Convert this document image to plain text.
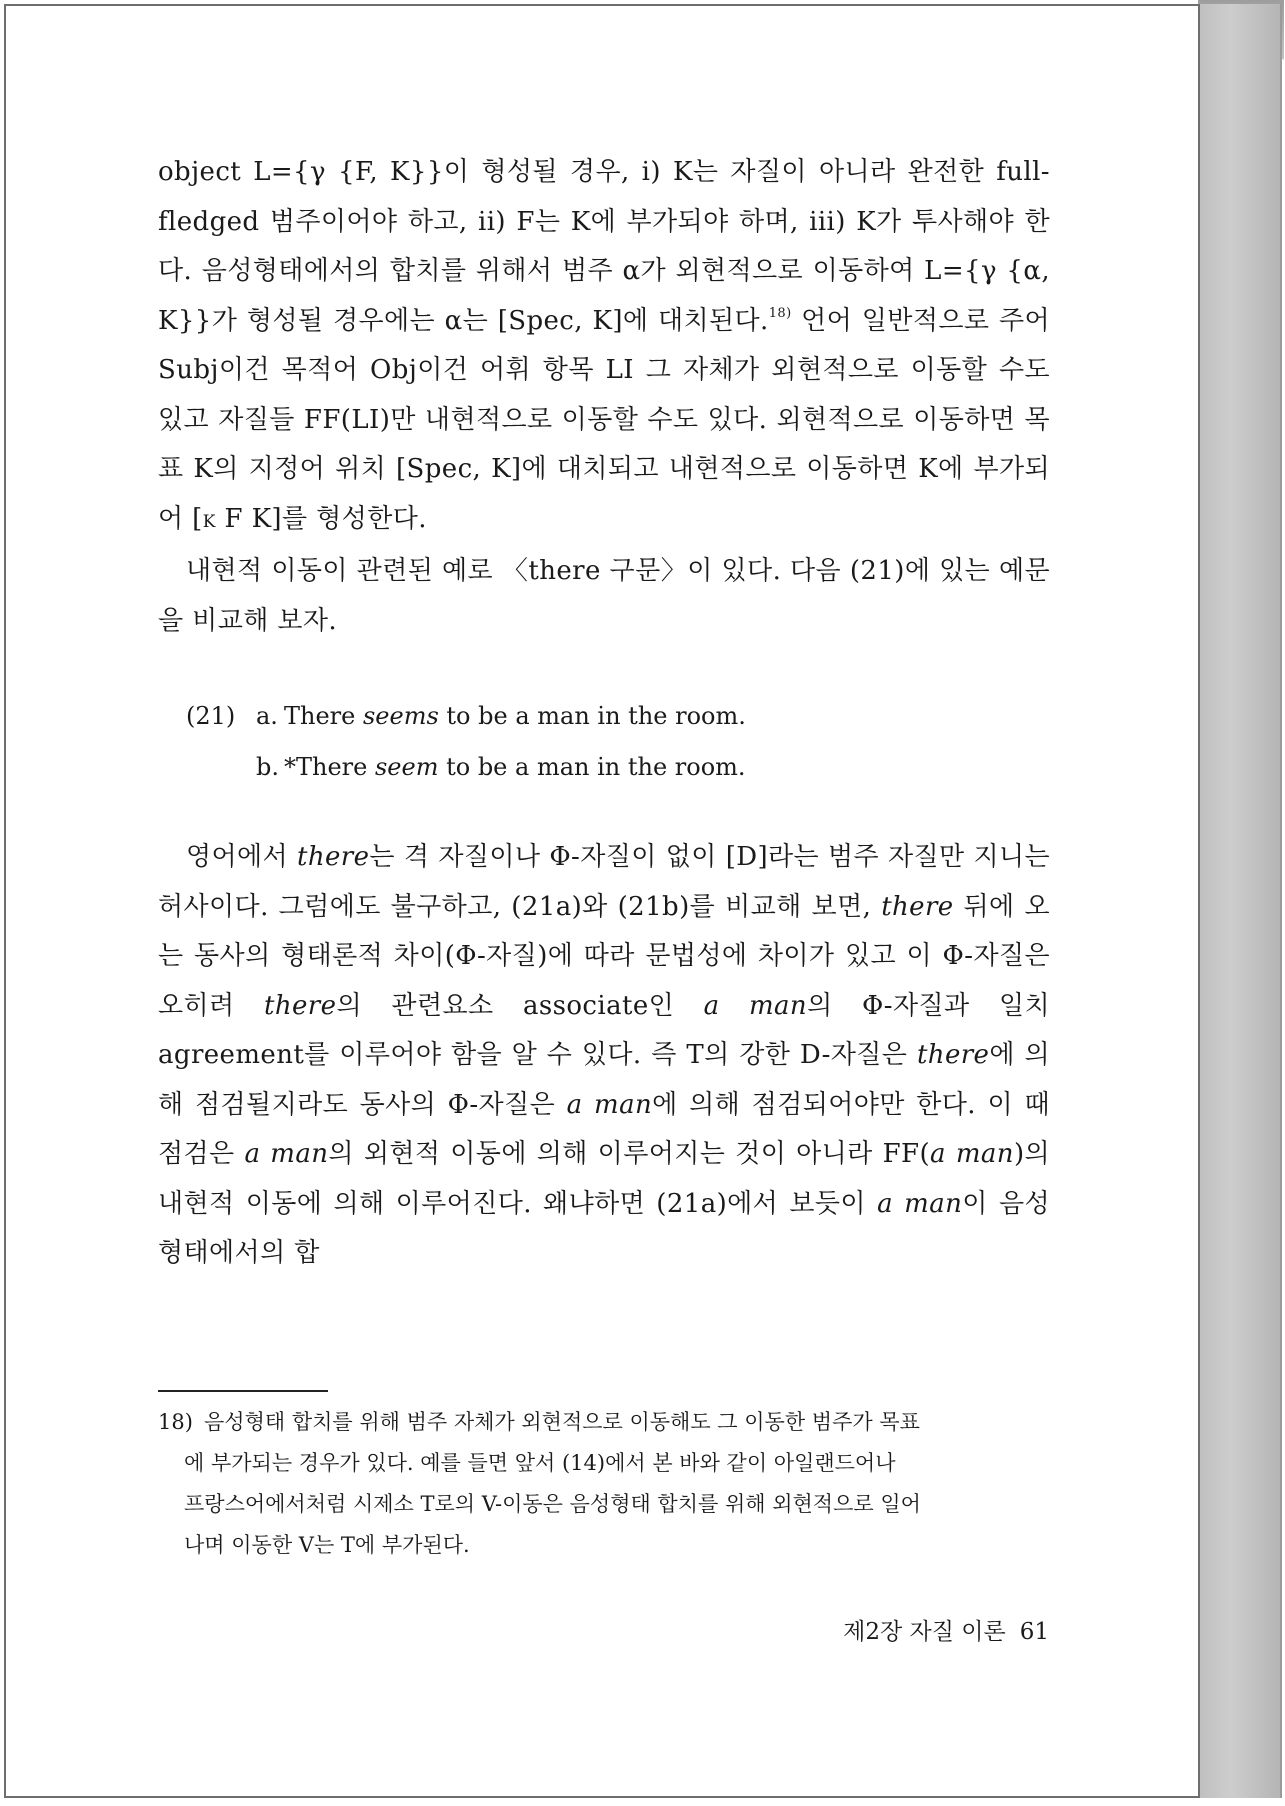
object L={γ {F, K}}이 형성될 경우, i) K는 자질이 아니라 완전한 full-fledged 범주이어야 하고, ii) F는 K에 부가되야 하며, iii) K가 투사해야 한다. 음성형태에서의 합치를 위해서 범주 α가 외현적으로 이동하여 L={γ {α, K}}가 형성될 경우에는 α는 [Spec, K]에 대치된다.$^{18)}$ 언어 일반적으로 주어 Subj이건 목적어 Obj이건 어휘 항목 LI 그 자체가 외현적으로 이동할 수도 있고 자질들 FF(LI)만 내현적으로 이동할 수도 있다. 외현적으로 이동하면 목표 K의 지정어 위치 [Spec, K]에 대치되고 내현적으로 이동하면 K에 부가되어 [K F K]를 형성한다.

내현적 이동이 관련된 예로 〈there 구문〉이 있다. 다음 (21)에 있는 예문을 비교해 보자.

(21) a. There seems to be a man in the room.
b. *There seem to be a man in the room.

영어에서 there는 격 자질이나 Φ-자질이 없이 [D]라는 범주 자질만 지니는 허사이다. 그럼에도 불구하고, (21a)와 (21b)를 비교해 보면, there 뒤에 오는 동사의 형태론적 차이(Φ-자질)에 따라 문법성에 차이가 있고 이 Φ-자질은 오히려 there의 관련요소 associate인 a man의 Φ-자질과 일치 agreement를 이루어야 함을 알 수 있다. 즉 T의 강한 D-자질은 there에 의해 점검될지라도 동사의 Φ-자질은 a man에 의해 점검되어야만 한다. 이 때 점검은 a man의 외현적 이동에 의해 이루어지는 것이 아니라 FF(a man)의 내현적 이동에 의해 이루어진다. 왜냐하면 (21a)에서 보듯이 a man이 음성형태에서의 합

18) 음성형태 합치를 위해 범주 자체가 외현적으로 이동해도 그 이동한 범주가 목표
에 부가되는 경우가 있다. 예를 들면 앞서 (14)에서 본 바와 같이 아일랜드어나
프랑스어에서처럼 시제소 T로의 V-이동은 음성형태 합치를 위해 외현적으로 일어
나며 이동한 V는 T에 부가된다.
제2장 자질 이론 61
